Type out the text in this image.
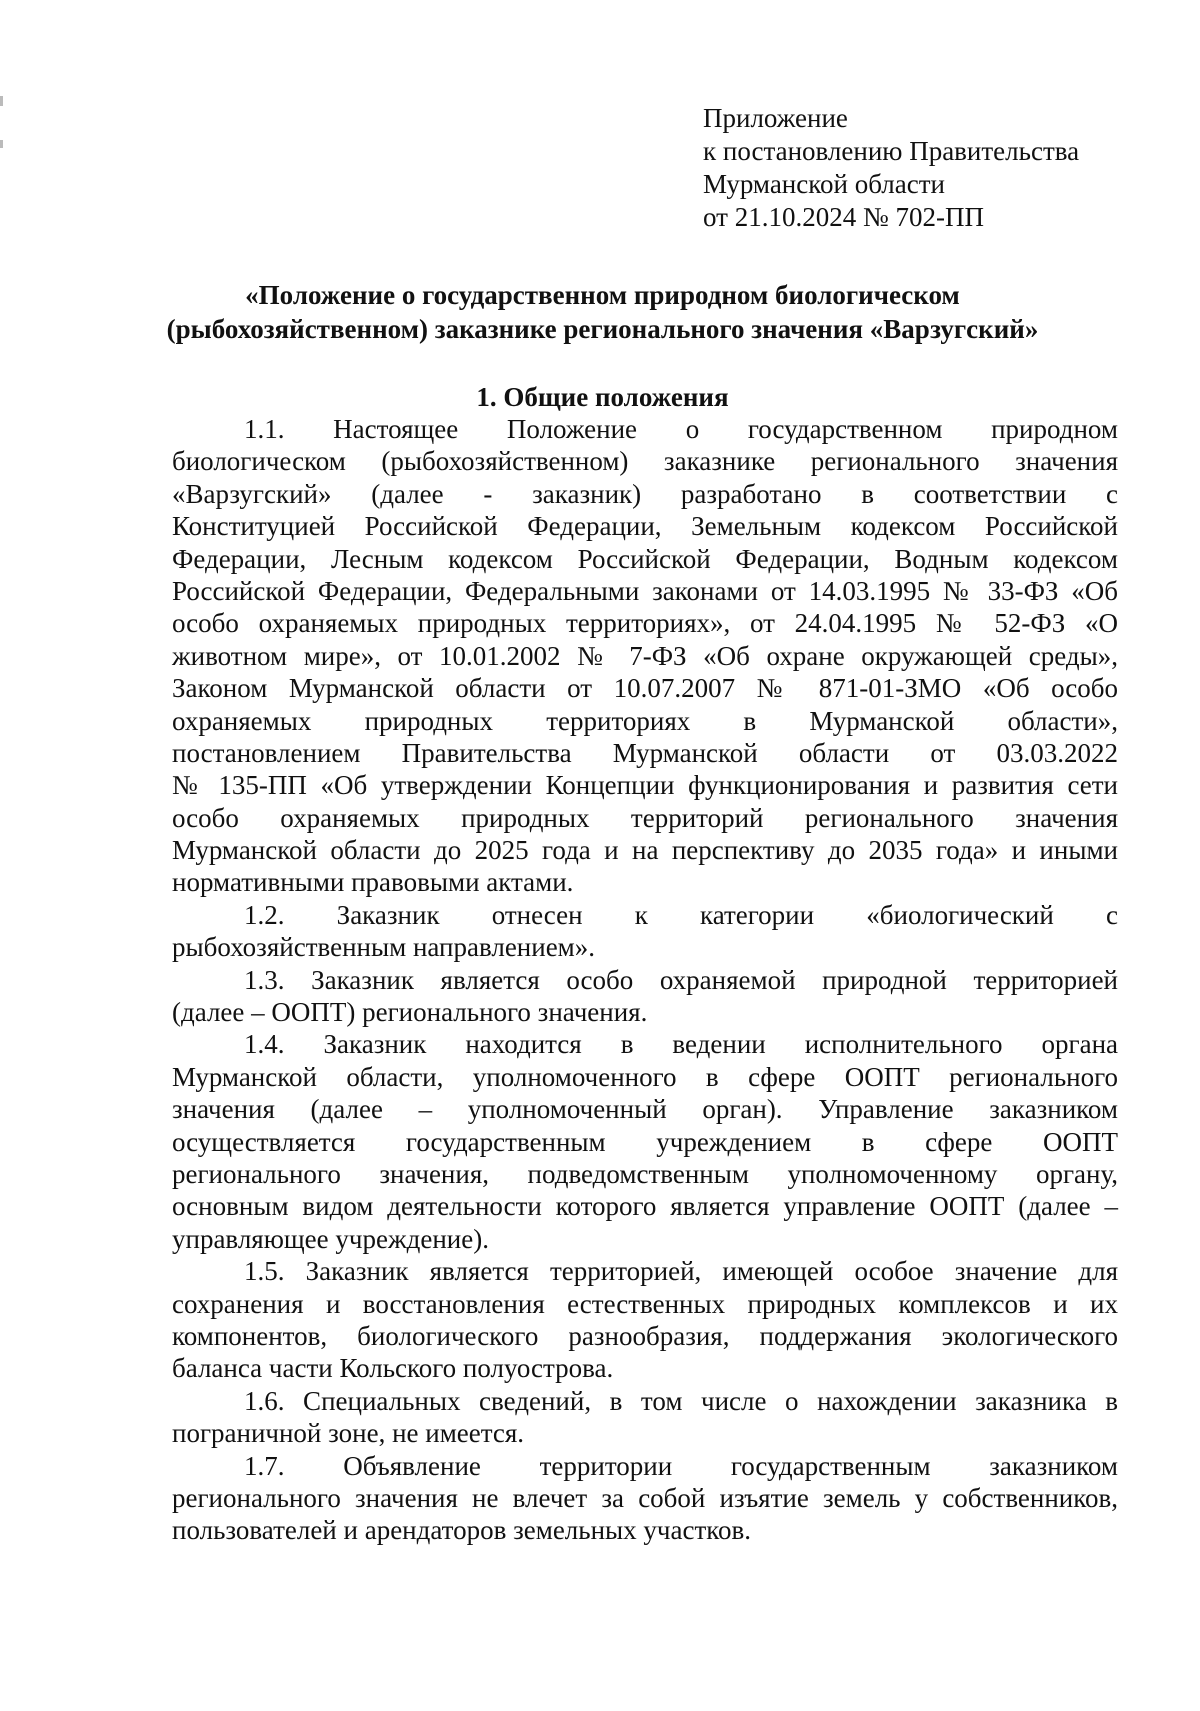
Приложение
к постановлению Правительства
Мурманской области
от 21.10.2024 № 702-ПП
«Положение о государственном природном биологическом
(рыбохозяйственном) заказнике регионального значения «Варзугский»
1. Общие положения
1.1. Настоящее Положение о государственном природном
биологическом (рыбохозяйственном) заказнике регионального значения
«Варзугский» (далее - заказник) разработано в соответствии с
Конституцией Российской Федерации, Земельным кодексом Российской
Федерации, Лесным кодексом Российской Федерации, Водным кодексом
Российской Федерации, Федеральными законами от 14.03.1995 № 33-ФЗ «Об
особо охраняемых природных территориях», от 24.04.1995 № 52-ФЗ «О
животном мире», от 10.01.2002 № 7-ФЗ «Об охране окружающей среды»,
Законом Мурманской области от 10.07.2007 № 871-01-ЗМО «Об особо
охраняемых природных территориях в Мурманской области»,
постановлением Правительства Мурманской области от 03.03.2022
№ 135-ПП «Об утверждении Концепции функционирования и развития сети
особо охраняемых природных территорий регионального значения
Мурманской области до 2025 года и на перспективу до 2035 года» и иными
нормативными правовыми актами.
1.2. Заказник отнесен к категории «биологический с
рыбохозяйственным направлением».
1.3. Заказник является особо охраняемой природной территорией
(далее – ООПТ) регионального значения.
1.4. Заказник находится в ведении исполнительного органа
Мурманской области, уполномоченного в сфере ООПТ регионального
значения (далее – уполномоченный орган). Управление заказником
осуществляется государственным учреждением в сфере ООПТ
регионального значения, подведомственным уполномоченному органу,
основным видом деятельности которого является управление ООПТ (далее –
управляющее учреждение).
1.5. Заказник является территорией, имеющей особое значение для
сохранения и восстановления естественных природных комплексов и их
компонентов, биологического разнообразия, поддержания экологического
баланса части Кольского полуострова.
1.6. Специальных сведений, в том числе о нахождении заказника в
пограничной зоне, не имеется.
1.7. Объявление территории государственным заказником
регионального значения не влечет за собой изъятие земель у собственников,
пользователей и арендаторов земельных участков.
